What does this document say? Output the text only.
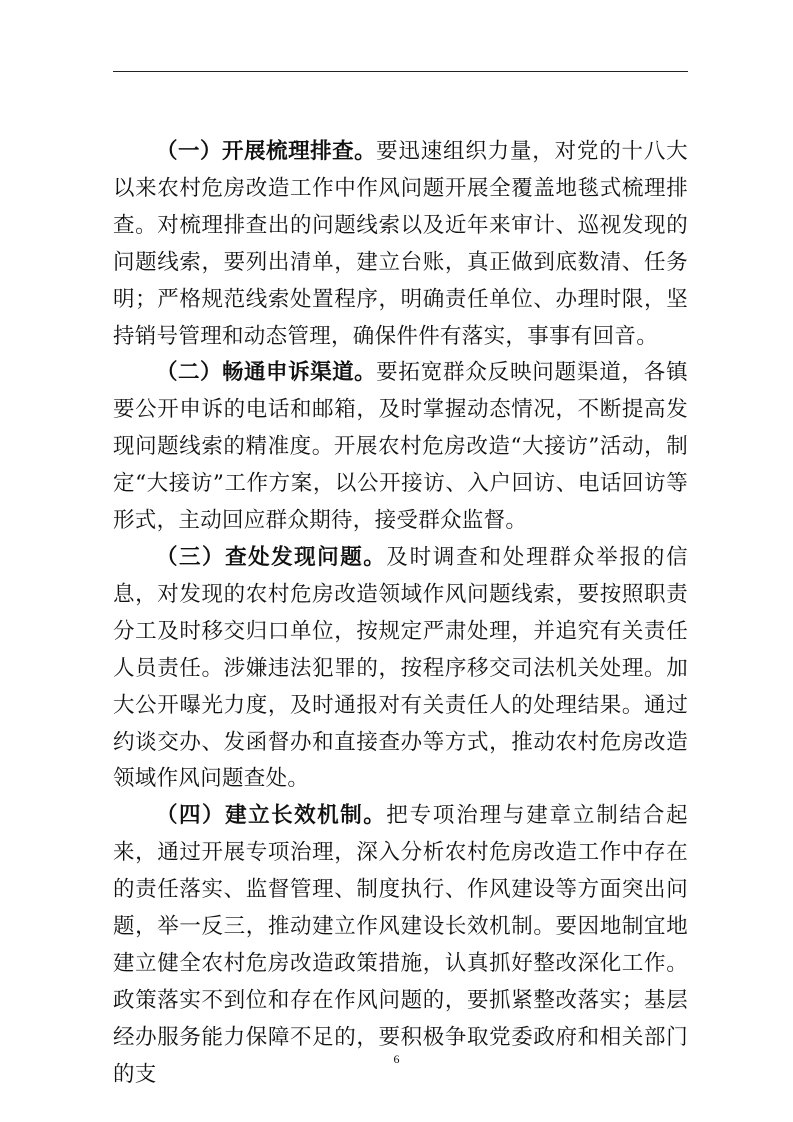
（一）开展梳理排查。要迅速组织力量，对党的十八大以来农村危房改造工作中作风问题开展全覆盖地毯式梳理排查。对梳理排查出的问题线索以及近年来审计、巡视发现的问题线索，要列出清单，建立台账，真正做到底数清、任务明；严格规范线索处置程序，明确责任单位、办理时限，坚持销号管理和动态管理，确保件件有落实，事事有回音。

（二）畅通申诉渠道。要拓宽群众反映问题渠道，各镇要公开申诉的电话和邮箱，及时掌握动态情况，不断提高发现问题线索的精准度。开展农村危房改造“大接访”活动，制定“大接访”工作方案，以公开接访、入户回访、电话回访等形式，主动回应群众期待，接受群众监督。

（三）查处发现问题。及时调查和处理群众举报的信息，对发现的农村危房改造领域作风问题线索，要按照职责分工及时移交归口单位，按规定严肃处理，并追究有关责任人员责任。涉嫌违法犯罪的，按程序移交司法机关处理。加大公开曝光力度，及时通报对有关责任人的处理结果。通过约谈交办、发函督办和直接查办等方式，推动农村危房改造领域作风问题查处。

（四）建立长效机制。把专项治理与建章立制结合起来，通过开展专项治理，深入分析农村危房改造工作中存在的责任落实、监督管理、制度执行、作风建设等方面突出问题，举一反三，推动建立作风建设长效机制。要因地制宜地建立健全农村危房改造政策措施，认真抓好整改深化工作。政策落实不到位和存在作风问题的，要抓紧整改落实；基层经办服务能力保障不足的，要积极争取党委政府和相关部门的支

6
